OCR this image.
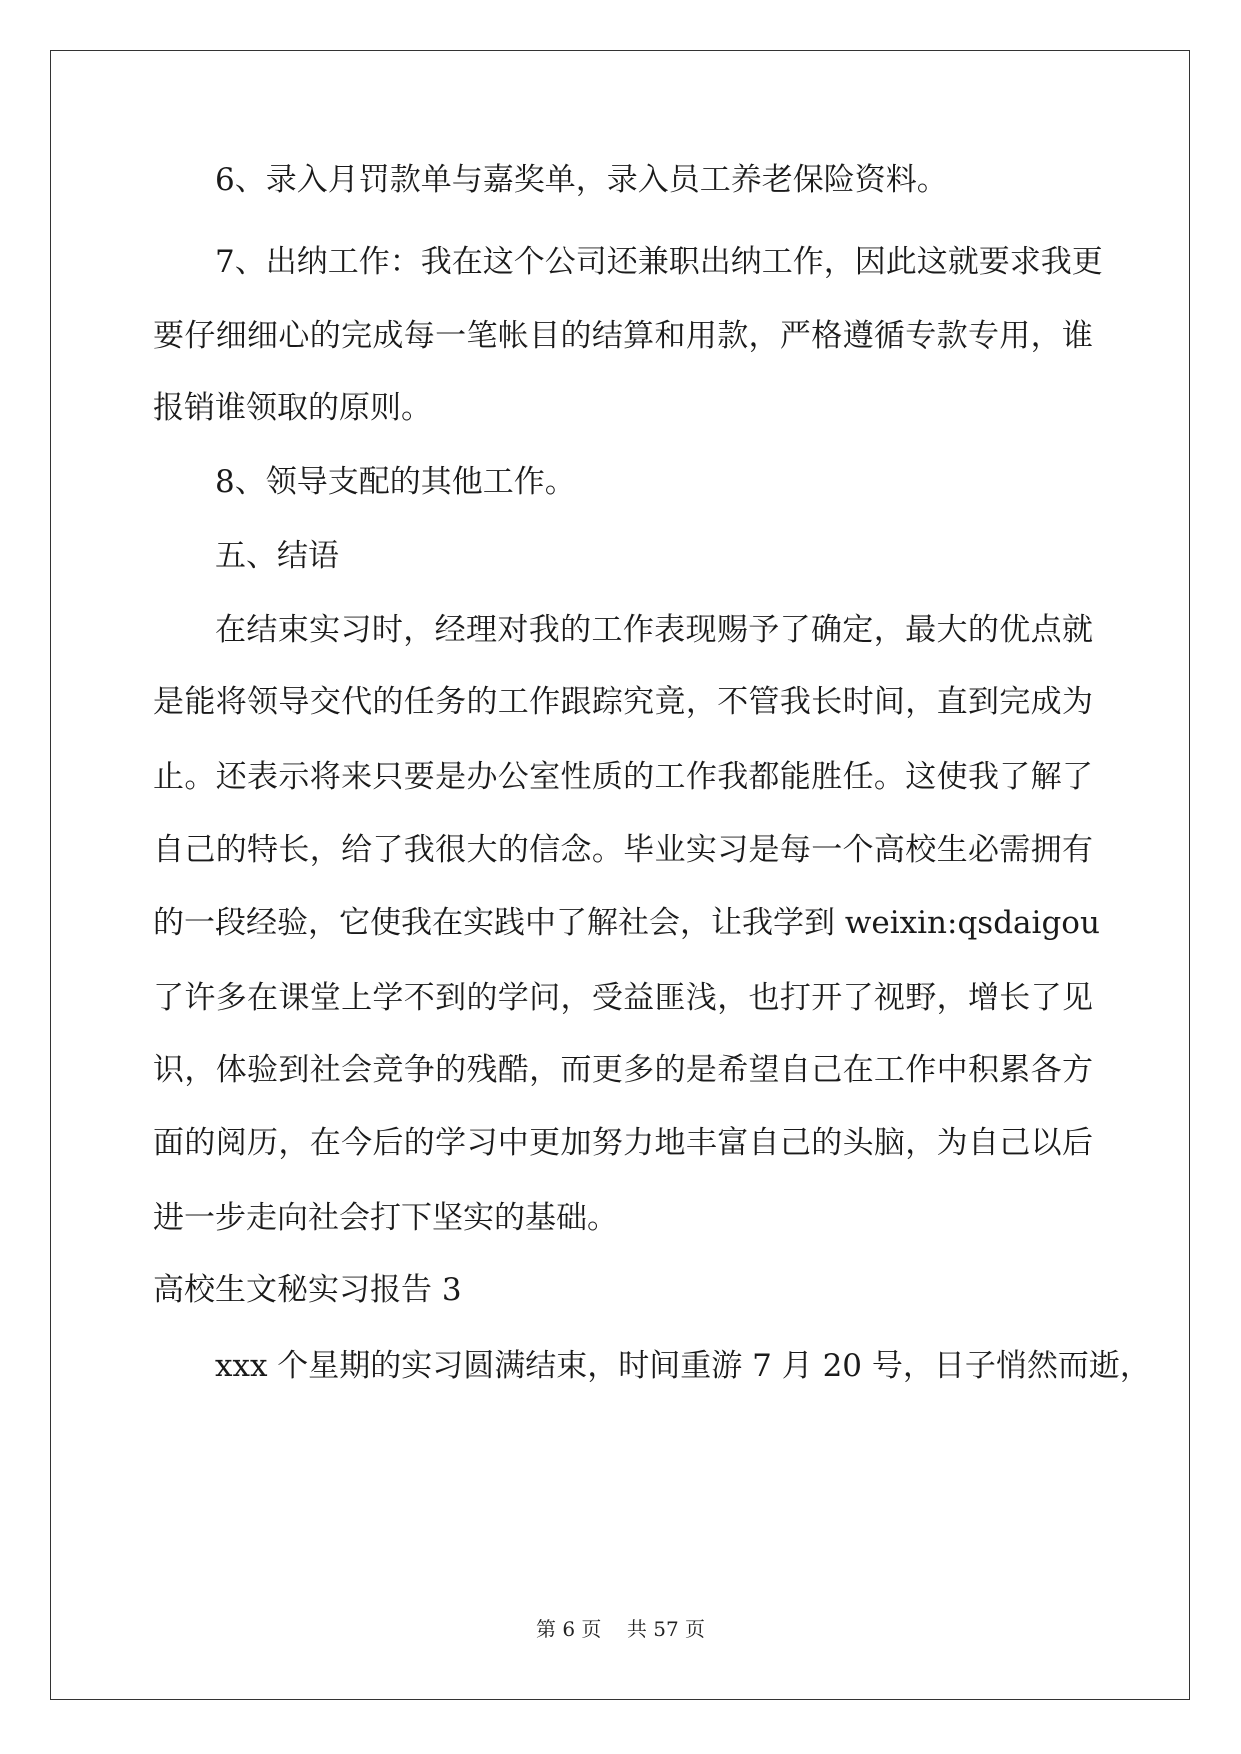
6、录入月罚款单与嘉奖单，录入员工养老保险资料。
7、出纳工作：我在这个公司还兼职出纳工作，因此这就要求我更
要仔细细心的完成每一笔帐目的结算和用款，严格遵循专款专用，谁
报销谁领取的原则。
8、领导支配的其他工作。
五、结语
在结束实习时，经理对我的工作表现赐予了确定，最大的优点就
是能将领导交代的任务的工作跟踪究竟，不管我长时间，直到完成为
止。还表示将来只要是办公室性质的工作我都能胜任。这使我了解了
自己的特长，给了我很大的信念。毕业实习是每一个高校生必需拥有
的一段经验，它使我在实践中了解社会，让我学到 weixin:qsdaigou
了许多在课堂上学不到的学问，受益匪浅，也打开了视野，增长了见
识，体验到社会竞争的残酷，而更多的是希望自己在工作中积累各方
面的阅历，在今后的学习中更加努力地丰富自己的头脑，为自己以后
进一步走向社会打下坚实的基础。
高校生文秘实习报告 3
xxx 个星期的实习圆满结束，时间重游 7 月 20 号，日子悄然而逝，
第 6 页 共 57 页
